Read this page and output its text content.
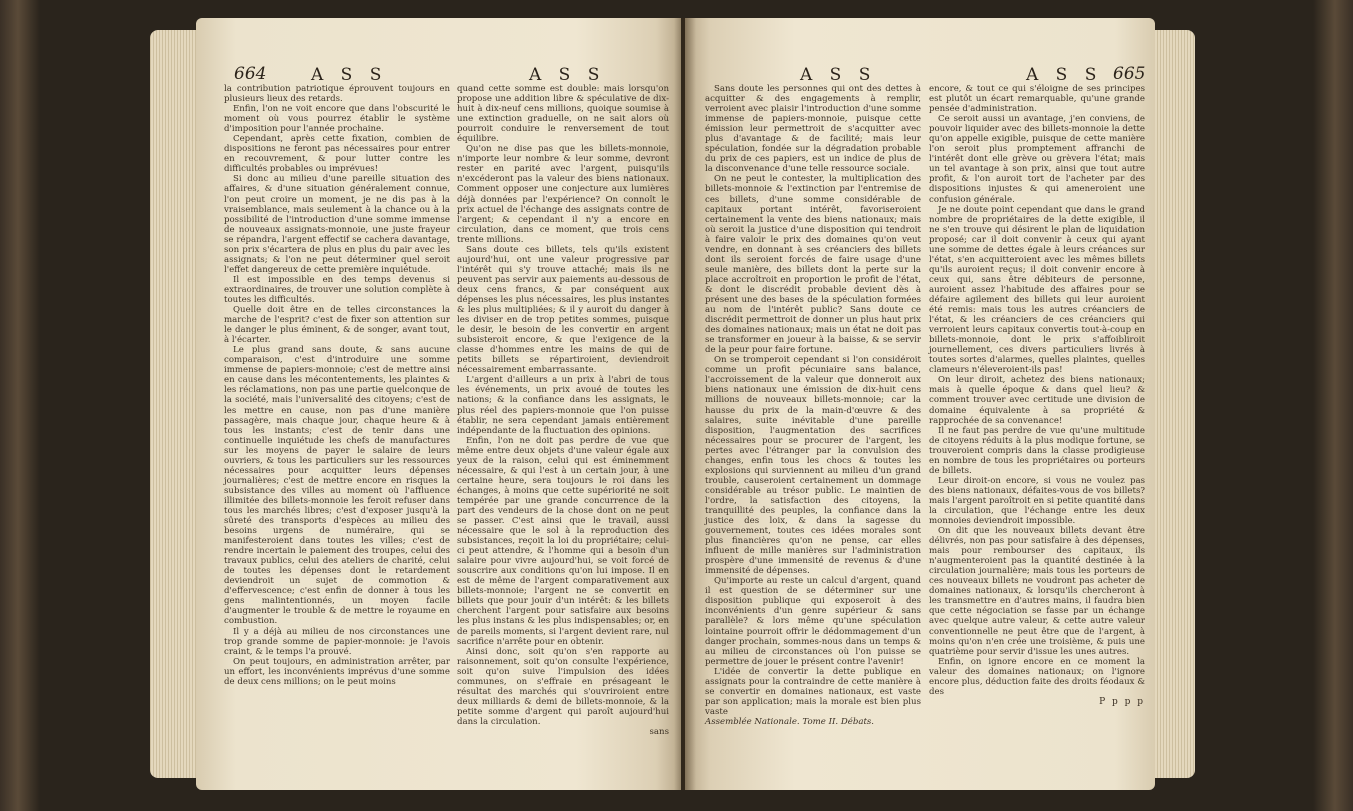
664	A S S	A S S

la contribution patriotique éprouvent toujours en plusieurs lieux des retards.

Enfin, l'on ne voit encore que dans l'obscurité le moment où vous pourrez établir le système d'imposition pour l'année prochaine.

Cependant, après cette fixation, combien de dispositions ne feront pas nécessaires pour entrer en recouvrement, & pour lutter contre les difficultés probables ou imprévues!

Si donc au milieu d'une pareille situation des affaires, & d'une situation généralement connue, l'on peut croire un moment, je ne dis pas à la vraisemblance, mais seulement à la chance ou à la possibilité de l'introduction d'une somme immense de nouveaux assignats-monnoie, une juste frayeur se répandra, l'argent effectif se cachera davantage, son prix s'écartera de plus en plus du pair avec les assignats; & l'on ne peut déterminer quel seroit l'effet dangereux de cette première inquiétude.

Il est impossible en des temps devenus si extraordinaires, de trouver une solution complète à toutes les difficultés.

Quelle doit être en de telles circonstances la marche de l'esprit? c'est de fixer son attention sur le danger le plus éminent, & de songer, avant tout, à l'écarter.

Le plus grand sans doute, & sans aucune comparaison, c'est d'introduire une somme immense de papiers-monnoie; c'est de mettre ainsi en cause dans les mécontentements, les plaintes & les réclamations, non pas une partie quelconque de la société, mais l'universalité des citoyens; c'est de les mettre en cause, non pas d'une manière passagère, mais chaque jour, chaque heure & à tous les instants; c'est de tenir dans une continuelle inquiétude les chefs de manufactures sur les moyens de payer le salaire de leurs ouvriers, & tous les particuliers sur les ressources nécessaires pour acquitter leurs dépenses journalières; c'est de mettre encore en risques la subsistance des villes au moment où l'affluence illimitée des billets-monnoie les feroit refuser dans tous les marchés libres; c'est d'exposer jusqu'à la sûreté des transports d'espèces au milieu des besoins urgens de numéraire, qui se manifesteroient dans toutes les villes; c'est de rendre incertain le paiement des troupes, celui des travaux publics, celui des ateliers de charité, celui de toutes les dépenses dont le retardement deviendroit un sujet de commotion & d'effervescence; c'est enfin de donner à tous les gens malintentionnés, un moyen facile d'augmenter le trouble & de mettre le royaume en combustion.

Il y a déjà au milieu de nos circonstances une trop grande somme de papier-monnoie: je l'avois craint, & le temps l'a prouvé.

On peut toujours, en administration arrêter, par un effort, les inconvénients imprévus d'une somme de deux cens millions; on le peut moins

quand cette somme est double: mais lorsqu'on propose une addition libre & spéculative de dix-huit à dix-neuf cens millions, quoique soumise à une extinction graduelle, on ne sait alors où pourroit conduire le renversement de tout équilibre.

Qu'on ne dise pas que les billets-monnoie, n'importe leur nombre & leur somme, devront rester en parité avec l'argent, puisqu'ils n'excéderont pas la valeur des biens nationaux. Comment opposer une conjecture aux lumières déjà données par l'expérience? On connoît le prix actuel de l'échange des assignats contre de l'argent; & cependant il n'y a encore en circulation, dans ce moment, que trois cens trente millions.

Sans doute ces billets, tels qu'ils existent aujourd'hui, ont une valeur progressive par l'intérêt qui s'y trouve attaché; mais ils ne peuvent pas servir aux paiements au-dessous de deux cens francs, & par conséquent aux dépenses les plus nécessaires, les plus instantes & les plus multipliées; & il y auroit du danger à les diviser en de trop petites sommes, puisque le desir, le besoin de les convertir en argent subsisteroit encore, & que l'exigence de la classe d'hommes entre les mains de qui de petits billets se répartiroient, deviendroit nécessairement embarrassante.

L'argent d'ailleurs a un prix à l'abri de tous les événements, un prix avoué de toutes les nations; & la confiance dans les assignats, le plus réel des papiers-monnoie que l'on puisse établir, ne sera cependant jamais entièrement indépendante de la fluctuation des opinions.

Enfin, l'on ne doit pas perdre de vue que même entre deux objets d'une valeur égale aux yeux de la raison, celui qui est éminemment nécessaire, & qui l'est à un certain jour, à une certaine heure, sera toujours le roi dans les échanges, à moins que cette supériorité ne soit tempérée par une grande concurrence de la part des vendeurs de la chose dont on ne peut se passer. C'est ainsi que le travail, aussi nécessaire que le sol à la reproduction des subsistances, reçoit la loi du propriétaire; celui-ci peut attendre, & l'homme qui a besoin d'un salaire pour vivre aujourd'hui, se voit forcé de souscrire aux conditions qu'on lui impose. Il en est de même de l'argent comparativement aux billets-monnoie; l'argent ne se convertit en billets que pour jouir d'un intérêt: & les billets cherchent l'argent pour satisfaire aux besoins les plus instans & les plus indispensables; or, en de pareils moments, si l'argent devient rare, nul sacrifice n'arrête pour en obtenir.

Ainsi donc, soit qu'on s'en rapporte au raisonnement, soit qu'on consulte l'expérience, soit qu'on suive l'impulsion des idées communes, on s'effraie en présageant le résultat des marchés qui s'ouvriroient entre deux milliards & demi de billets-monnoie, & la petite somme d'argent qui paroît aujourd'hui dans la circulation.

sans

A S S	A S S 665

Sans doute les personnes qui ont des dettes à acquitter & des engagements à remplir, verroient avec plaisir l'introduction d'une somme immense de papiers-monnoie, puisque cette émission leur permettroit de s'acquitter avec plus d'avantage & de facilité; mais leur spéculation, fondée sur la dégradation probable du prix de ces papiers, est un indice de plus de la disconvenance d'une telle ressource sociale.

On ne peut le contester, la multiplication des billets-monnoie & l'extinction par l'entremise de ces billets, d'une somme considérable de capitaux portant intérêt, favoriseroient certainement la vente des biens nationaux; mais où seroit la justice d'une disposition qui tendroit à faire valoir le prix des domaines qu'on veut vendre, en donnant à ses créanciers des billets dont ils seroient forcés de faire usage d'une seule manière, des billets dont la perte sur la place accroîtroit en proportion le profit de l'état, & dont le discrédit probable devient dès à présent une des bases de la spéculation formées au nom de l'intérêt public? Sans doute ce discrédit permettroit de donner un plus haut prix des domaines nationaux; mais un état ne doit pas se transformer en joueur à la baisse, & se servir de la peur pour faire fortune.

On se tromperoit cependant si l'on considéroit comme un profit pécuniaire sans balance, l'accroissement de la valeur que donneroit aux biens nationaux une émission de dix-huit cens millions de nouveaux billets-monnoie; car la hausse du prix de la main-d'œuvre & des salaires, suite inévitable d'une pareille disposition, l'augmentation des sacrifices nécessaires pour se procurer de l'argent, les pertes avec l'étranger par la convulsion des changes, enfin tous les chocs & toutes les explosions qui surviennent au milieu d'un grand trouble, causeroient certainement un dommage considérable au trésor public. Le maintien de l'ordre, la satisfaction des citoyens, la tranquillité des peuples, la confiance dans la justice des loix, & dans la sagesse du gouvernement, toutes ces idées morales sont plus financières qu'on ne pense, car elles influent de mille manières sur l'administration prospère d'une immensité de revenus & d'une immensité de dépenses.

Qu'importe au reste un calcul d'argent, quand il est question de se déterminer sur une disposition publique qui exposeroit à des inconvénients d'un genre supérieur & sans parallèle? & lors même qu'une spéculation lointaine pourroit offrir le dédommagement d'un danger prochain, sommes-nous dans un temps & au milieu de circonstances où l'on puisse se permettre de jouer le présent contre l'avenir!

L'idée de convertir la dette publique en assignats pour la contraindre de cette manière à se convertir en domaines nationaux, est vaste par son application; mais la morale est bien plus vaste

Assemblée Nationale. Tome II. Débats.

encore, & tout ce qui s'éloigne de ses principes est plutôt un écart remarquable, qu'une grande pensée d'administration.

Ce seroit aussi un avantage, j'en conviens, de pouvoir liquider avec des billets-monnoie la dette qu'on appelle exigible, puisque de cette manière l'on seroit plus promptement affranchi de l'intérêt dont elle grève ou grèvera l'état; mais un tel avantage à son prix, ainsi que tout autre profit, & l'on auroit tort de l'acheter par des dispositions injustes & qui ameneroient une confusion générale.

Je ne doute point cependant que dans le grand nombre de propriétaires de la dette exigible, il ne s'en trouve qui désirent le plan de liquidation proposé; car il doit convenir à ceux qui ayant une somme de dettes égale à leurs créances sur l'état, s'en acquitteroient avec les mêmes billets qu'ils auroient reçus; il doit convenir encore à ceux qui, sans être débiteurs de personne, auroient assez l'habitude des affaires pour se défaire agilement des billets qui leur auroient été remis: mais tous les autres créanciers de l'état, & les créanciers de ces créanciers qui verroient leurs capitaux convertis tout-à-coup en billets-monnoie, dont le prix s'affoibliroit journellement, ces divers particuliers livrés à toutes sortes d'alarmes, quelles plaintes, quelles clameurs n'éleveroient-ils pas!

On leur diroit, achetez des biens nationaux; mais à quelle époque & dans quel lieu? & comment trouver avec certitude une division de domaine équivalente à sa propriété & rapprochée de sa convenance!

Il ne faut pas perdre de vue qu'une multitude de citoyens réduits à la plus modique fortune, se trouveroient compris dans la classe prodigieuse en nombre de tous les propriétaires ou porteurs de billets.

Leur diroit-on encore, si vous ne voulez pas des biens nationaux, défaites-vous de vos billets? mais l'argent paroîtroit en si petite quantité dans la circulation, que l'échange entre les deux monnoies deviendroit impossible.

On dit que les nouveaux billets devant être délivrés, non pas pour satisfaire à des dépenses, mais pour rembourser des capitaux, ils n'augmenteroient pas la quantité destinée à la circulation journalière; mais tous les porteurs de ces nouveaux billets ne voudront pas acheter de domaines nationaux, & lorsqu'ils chercheront à les transmettre en d'autres mains, il faudra bien que cette négociation se fasse par un échange avec quelque autre valeur, & cette autre valeur conventionnelle ne peut être que de l'argent, à moins qu'on n'en crée une troisième, & puis une quatrième pour servir d'issue les unes autres.

Enfin, on ignore encore en ce moment la valeur des domaines nationaux; on l'ignore encore plus, déduction faite des droits féodaux & des

P p p p
